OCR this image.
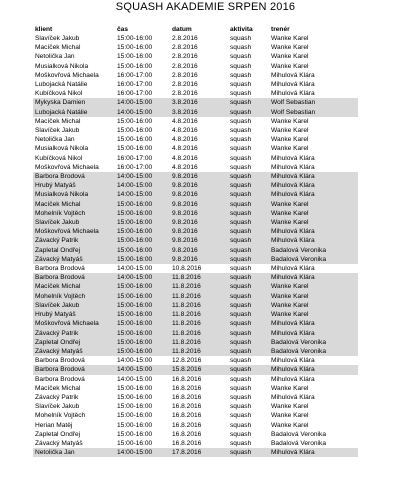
SQUASH AKADEMIE SRPEN 2016
klient	čas	datum	aktivita	trenér
Slavíček Jakub	15:00-16:00	2.8.2016	squash	Wanke Karel
Macíček Michal	15:00-16:00	2.8.2016	squash	Wanke Karel
Netolička Jan	15:00-16:00	2.8.2016	squash	Wanke Karel
Musialková Nikola	15:00-16:00	2.8.2016	squash	Wanke Karel
Moškovřová Michaela	16:00-17:00	2.8.2016	squash	Mihulová Klára
Lubojacká Natálie	16:00-17:00	2.8.2016	squash	Mihulová Klára
Kubíčková Nikol	16:00-17:00	2.8.2016	squash	Mihulová Klára
Mykyska Damien	14:00-15:00	3.8.2016	squash	Wolf Sebastian
Lubojacká Natálie	14:00-15:00	3.8.2016	squash	Wolf Sebastian
Macíček Michal	15:00-16:00	4.8.2016	squash	Wanke Karel
Slavíček Jakub	15:00-16:00	4.8.2016	squash	Wanke Karel
Netolička Jan	15:00-16:00	4.8.2016	squash	Wanke Karel
Musialková Nikola	15:00-16:00	4.8.2016	squash	Wanke Karel
Kubíčková Nikol	16:00-17:00	4.8.2016	squash	Mihulová Klára
Moškovřová Michaela	16:00-17:00	4.8.2016	squash	Mihulová Klára
Barbora Brodová	14:00-15:00	9.8.2016	squash	Mihulová Klára
Hrubý Matyáš	14:00-15:00	9.8.2016	squash	Mihulová Klára
Musialková Nikola	14:00-15:00	9.8.2016	squash	Mihulová Klára
Macíček Michal	15:00-16:00	9.8.2016	squash	Wanke Karel
Mohelník Vojtěch	15:00-16:00	9.8.2016	squash	Wanke Karel
Slavíček Jakub	15:00-16:00	9.8.2016	squash	Wanke Karel
Moškovřová Michaela	15:00-16:00	9.8.2016	squash	Mihulová Klára
Závacký Patrik	15:00-16:00	9.8.2016	squash	Mihulová Klára
Zapletal Ondřej	15:00-16:00	9.8.2016	squash	Badalová Veronika
Závacký Matyáš	15:00-16:00	9.8.2016	squash	Badalová Veronika
Barbora Brodová	14:00-15:00	10.8.2016	squash	Mihulová Klára
Barbora Brodová	14:00-15:00	11.8.2016	squash	Mihulová Klára
Macíček Michal	15:00-16:00	11.8.2016	squash	Wanke Karel
Mohelník Vojtěch	15:00-16:00	11.8.2016	squash	Wanke Karel
Slavíček Jakub	15:00-16:00	11.8.2016	squash	Wanke Karel
Hrubý Matyáš	15:00-16:00	11.8.2016	squash	Wanke Karel
Moškovřová Michaela	15:00-16:00	11.8.2016	squash	Mihulová Klára
Závacký Patrik	15:00-16:00	11.8.2016	squash	Mihulová Klára
Zapletal Ondřej	15:00-16:00	11.8.2016	squash	Badalová Veronika
Závacký Matyáš	15:00-16:00	11.8.2016	squash	Badalová Veronika
Barbora Brodová	14:00-15:00	12.8.2016	squash	Mihulová Klára
Barbora Brodová	14:00-15:00	15.8.2016	squash	Mihulová Klára
Barbora Brodová	14:00-15:00	16.8.2016	squash	Mihulová Klára
Macíček Michal	15:00-16:00	16.8.2016	squash	Wanke Karel
Závacký Patrik	15:00-16:00	16.8.2016	squash	Mihulová Klára
Slavíček Jakub	15:00-16:00	16.8.2016	squash	Wanke Karel
Mohelník Vojtěch	15:00-16:00	16.8.2016	squash	Wanke Karel
Herian Matěj	15:00-16:00	16.8.2016	squash	Wanke Karel
Zapletal Ondřej	15:00-16:00	16.8.2016	squash	Badalová Veronika
Závacký Matyáš	15:00-16:00	16.8.2016	squash	Badalová Veronika
Netolička Jan	14:00-15:00	17.8.2016	squash	Mihulová Klára
